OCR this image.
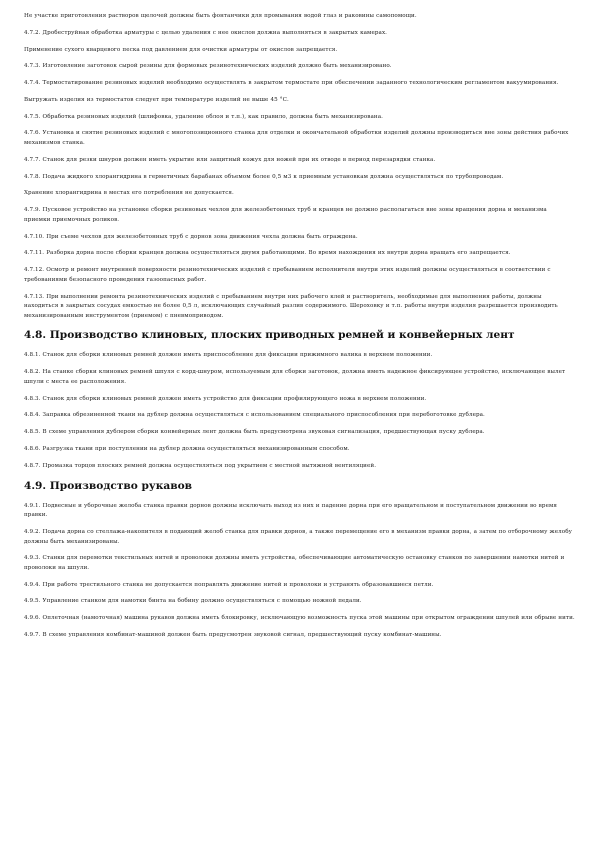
Не участке приготовления растворов щелочей должны быть фонтанчики для промывания водой глаз и раковины самопомощи.

4.7.2. Дробеструйная обработка арматуры с целью удаления с нее окислов должна выполняться в закрытых камерах.

Применение сухого кварцевого песка под давлением для очистки арматуры от окислов запрещается.

4.7.3. Изготовление заготовок сырой резины для формовых резинотехнических изделий должно быть механизировано.

4.7.4. Термостатирование резиновых изделий необходимо осуществлять в закрытом термостате при обеспечении заданного технологическим регламентом вакуумирования.

Выгружать изделия из термостатов следует при температуре изделий не выше 45 °С.

4.7.5. Обработка резиновых изделий (шлифовка, удаление облоя и т.п.), как правило, должна быть механизирована.

4.7.6. Установка и снятие резиновых изделий с многопозиционного станка для отделки и окончательной обработки изделий должны производиться вне зоны действия рабочих механизмов станка.

4.7.7. Станок для резки шнуров должен иметь укрытие или защитный кожух для ножей при их отводе в период перезарядки станка.

4.7.8. Подача жидкого хлорангидрина в герметичных барабанах объемом более 0,5 м3 к приемным установкам должна осуществляться по трубопроводам.

Хранение хлорангидрина в местах его потребления не допускается.

4.7.9. Пусковое устройство на установке сборки резиновых чехлов для железобетонных труб и кранцев не должно располагаться вне зоны вращения дорна и механизма приемки приемочных роликов.

4.7.10. При съеме чехлов для железобетонных труб с дорнов зона движения чехла должна быть ограждена.

4.7.11. Разборка дорна после сборки кранцев должна осуществляться двумя работающими. Во время нахождения их внутри дорна вращать его запрещается.

4.7.12. Осмотр и ремонт внутренней поверхности резинотехнических изделий с пребыванием исполнителя внутри этих изделий должны осуществляться в соответствии с требованиями безопасного проведения газоопасных работ.

4.7.13. При выполнении ремонта резинотехнических изделий с пребыванием внутри них рабочего клей и растворитель, необходимые для выполнения работы, должны находиться в закрытых сосудах емкостью не более 0,5 л, исключающих случайный разлив содержимого. Шероховку и т.п. работы внутри изделия разрешается производить механизированным инструментом (приемом) с пневмоприводом.

4.8. Производство клиновых, плоских приводных ремней и конвейерных лент

4.8.1. Станок для сборки клиновых ремней должен иметь приспособление для фиксации прижимного валика в верхнем положении.

4.8.2. На станке сборки клиновых ремней шпуля с корд-шнуром, используемым для сборки заготовок, должна иметь надежное фиксирующее устройство, исключающее вылет шпули с места ее расположения.

4.8.3. Станок для сборки клиновых ремней должен иметь устройство для фиксации профилирующего ножа в верхнем положении.

4.8.4. Заправка обрезиненной ткани на дублер должна осуществляться с использованием специального приспособления при перебоготовке дублера.

4.8.5. В схеме управления дублером сборки конвейерных лент должна быть предусмотрена звуковая сигнализация, предшествующая пуску дублера.

4.8.6. Разгрузка ткани при поступлении на дублер должна осуществляться механизированным способом.

4.8.7. Промазка торцов плоских ремней должна осуществляться под укрытием с местной вытяжной вентиляцией.

4.9. Производство рукавов

4.9.1. Подвесные и уборочные желоба станка правки дорнов должны исключать выход из них и падение дорна при его вращательном и поступательном движении во время правки.

4.9.2. Подача дорна со стеллажа-накопителя в подающий желоб станка для правки дорнов, а также перемещение его в механизм правки дорна, а затем по отборочному желобу должны быть механизированы.

4.9.3. Станки для перемотки текстильных нитей и проволоки должны иметь устройства, обеспечивающие автоматическую остановку станков по завершении намотки нитей и проволоки на шпули.

4.9.4. При работе трестильного станка не допускается поправлять движение нитей и проволоки и устранять образовавшиеся петли.

4.9.5. Управление станком для намотки бинта на бобину должно осуществляться с помощью ножной педали.

4.9.6. Оплеточная (намоточная) машина рукавов должна иметь блокировку, исключающую возможность пуска этой машины при открытом ограждении шпулей или обрыве нити.

4.9.7. В схеме управления комбинат-машиной должен быть предусмотрен звуковой сигнал, предшествующий пуску комбинат-машины.
